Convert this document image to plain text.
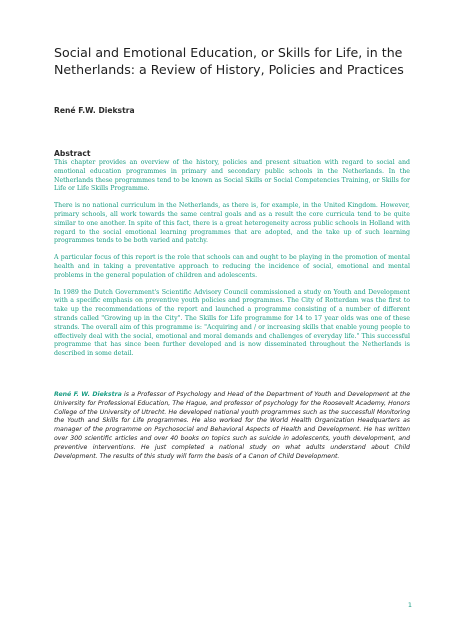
Social and Emotional Education, or Skills for Life, in the Netherlands: a Review of History, Policies and Practices
René F.W. Diekstra
Abstract

This chapter provides an overview of the history, policies and present situation with regard to social and emotional education programmes in primary and secondary public schools in the Netherlands. In the Netherlands these programmes tend to be known as Social Skills or Social Competencies Training, or Skills for Life or Life Skills Programme.

There is no national curriculum in the Netherlands, as there is, for example, in the United Kingdom. However, primary schools, all work towards the same central goals and as a result the core curricula tend to be quite similar to one another. In spite of this fact, there is a great heterogeneity across public schools in Holland with regard to the social emotional learning programmes that are adopted, and the take up of such learning programmes tends to be both varied and patchy.

A particular focus of this report is the role that schools can and ought to be playing in the promotion of mental health and in taking a preventative approach to reducing the incidence of social, emotional and mental problems in the general population of children and adolescents.

In 1989 the Dutch Government's Scientific Advisory Council commissioned a study on Youth and Development with a specific emphasis on preventive youth policies and programmes. The City of Rotterdam was the first to take up the recommendations of the report and launched a programme consisting of a number of different strands called "Growing up in the City". The Skills for Life programme for 14 to 17 year olds was one of these strands. The overall aim of this programme is: "Acquiring and / or increasing skills that enable young people to effectively deal with the social, emotional and moral demands and challenges of everyday life." This successful programme that has since been further developed and is now disseminated throughout the Netherlands is described in some detail.

René F. W. Diekstra is a Professor of Psychology and Head of the Department of Youth and Development at the University for Professional Education, The Hague, and professor of psychology for the Roosevelt Academy, Honors College of the University of Utrecht. He developed national youth programmes such as the successfull Monitoring the Youth and Skills for Life programmes. He also worked for the World Health Organization Headquarters as manager of the programme on Psychosocial and Behavioral Aspects of Health and Development. He has written over 300 scientific articles and over 40 books on topics such as suicide in adolescents, youth development, and preventive interventions. He just completed a national study on what adults understand about Child Development. The results of this study will form the basis of a Canon of Child Development.
1
